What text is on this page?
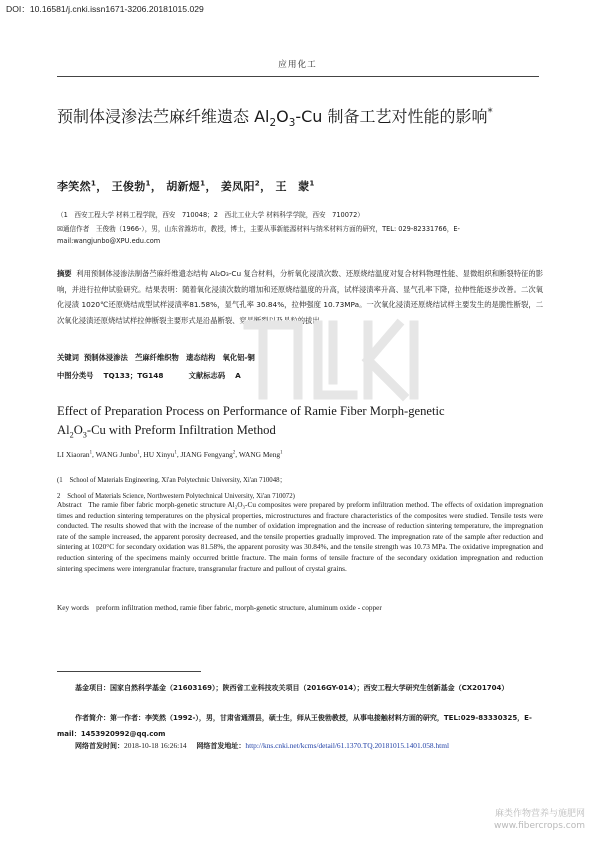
DOI：10.16581/j.cnki.issn1671-3206.20181015.029
应用化工
预制体浸渗法苎麻纤维遗态 $Al_2O_3-Cu$ 制备工艺对性能的影响*
李笑然$^1$， 王俊勃$^1$， 胡新煜$^1$， 姜凤阳$^2$， 王　蒙$^1$
（1　西安工程大学 材料工程学院，西安　710048；2　西北工业大学 材料科学学院，西安　710072）
☒通信作者　王俊勃（1966-），男，山东省潍坊市，教授，博士，主要从事新能源材料与纳米材料方面的研究，TEL: 029-82331766，E-mail:wangjunbo@XPU.edu.com
摘要 利用预制体浸渗法制备苎麻纤维遗态结构 Al₂O₃-Cu 复合材料，分析氧化浸渍次数、还原烧结温度对复合材料物理性能、显微组织和断裂特征的影响，并进行拉伸试验研究。结果表明：随着氧化浸渍次数的增加和还原烧结温度的升高，试样浸渍率升高、显气孔率下降，拉伸性能逐步改善。二次氧化浸渍 1020℃还原烧结成型试样浸渍率81.58%，显气孔率 30.84%，拉伸强度 10.73MPa。一次氧化浸渍还原烧结试样主要发生的是脆性断裂，二次氧化浸渍还原烧结试样拉伸断裂主要形式是沿晶断裂、穿晶断裂以及晶粒的拔出。
关键词 预制体浸渗法　苎麻纤维织物　遗态结构　氧化铝-铜
中图分类号 TQ133；TG148	文献标志码 A
Effect of Preparation Process on Performance of Ramie Fiber Morph-genetic
$Al_2O_3-Cu$ with Preform Infiltration Method
LI Xiaoran$^1$, WANG Junbo$^1$, HU Xinyu$^1$, JIANG Fengyang$^2$, WANG Meng$^1$
(1　School of Materials Engineering, Xi'an Polytechnic University, Xi'an 710048；
2　School of Materials Science, Northwestern Polytechnical University, Xi'an 710072)
Abstract The ramie fiber fabric morph-genetic structure Al₂O₃-Cu composites were prepared by preform infiltration method. The effects of oxidation impregnation times and reduction sintering temperatures on the physical properties, microstructures and fracture characteristics of the composites were studied. Tensile tests were conducted. The results showed that with the increase of the number of oxidation impregnation and the increase of reduction sintering temperature, the impregnation rate of the sample increased, the apparent porosity decreased, and the tensile properties gradually improved. The impregnation rate of the sample after reduction and sintering at 1020°C for secondary oxidation was 81.58%, the apparent porosity was 30.84%, and the tensile strength was 10.73 MPa. The oxidative impregnation and reduction sintering of the specimens mainly occurred brittle fracture. The main forms of tensile fracture of the secondary oxidation impregnation and reduction sintering specimens were intergranular fracture, transgranular fracture and pullout of crystal grains.
Key words preform infiltration method, ramie fiber fabric, morph-genetic structure, aluminum oxide - copper
基金项目：国家自然科学基金（21603169）；陕西省工业科技攻关项目（2016GY-014）；西安工程大学研究生创新基金（CX201704）
作者简介：第一作者：李笑然（1992-），男，甘肃省通渭县，硕士生，师从王俊勃教授，从事电接触材料方面的研究，TEL:029-83330325，E-mail：1453920992@qq.com
网络首发时间：2018-10-18 16:26:14 网络首发地址：http://kns.cnki.net/kcms/detail/61.1370.TQ.20181015.1401.058.html
麻类作物营养与施肥网
www.fibercrops.com
